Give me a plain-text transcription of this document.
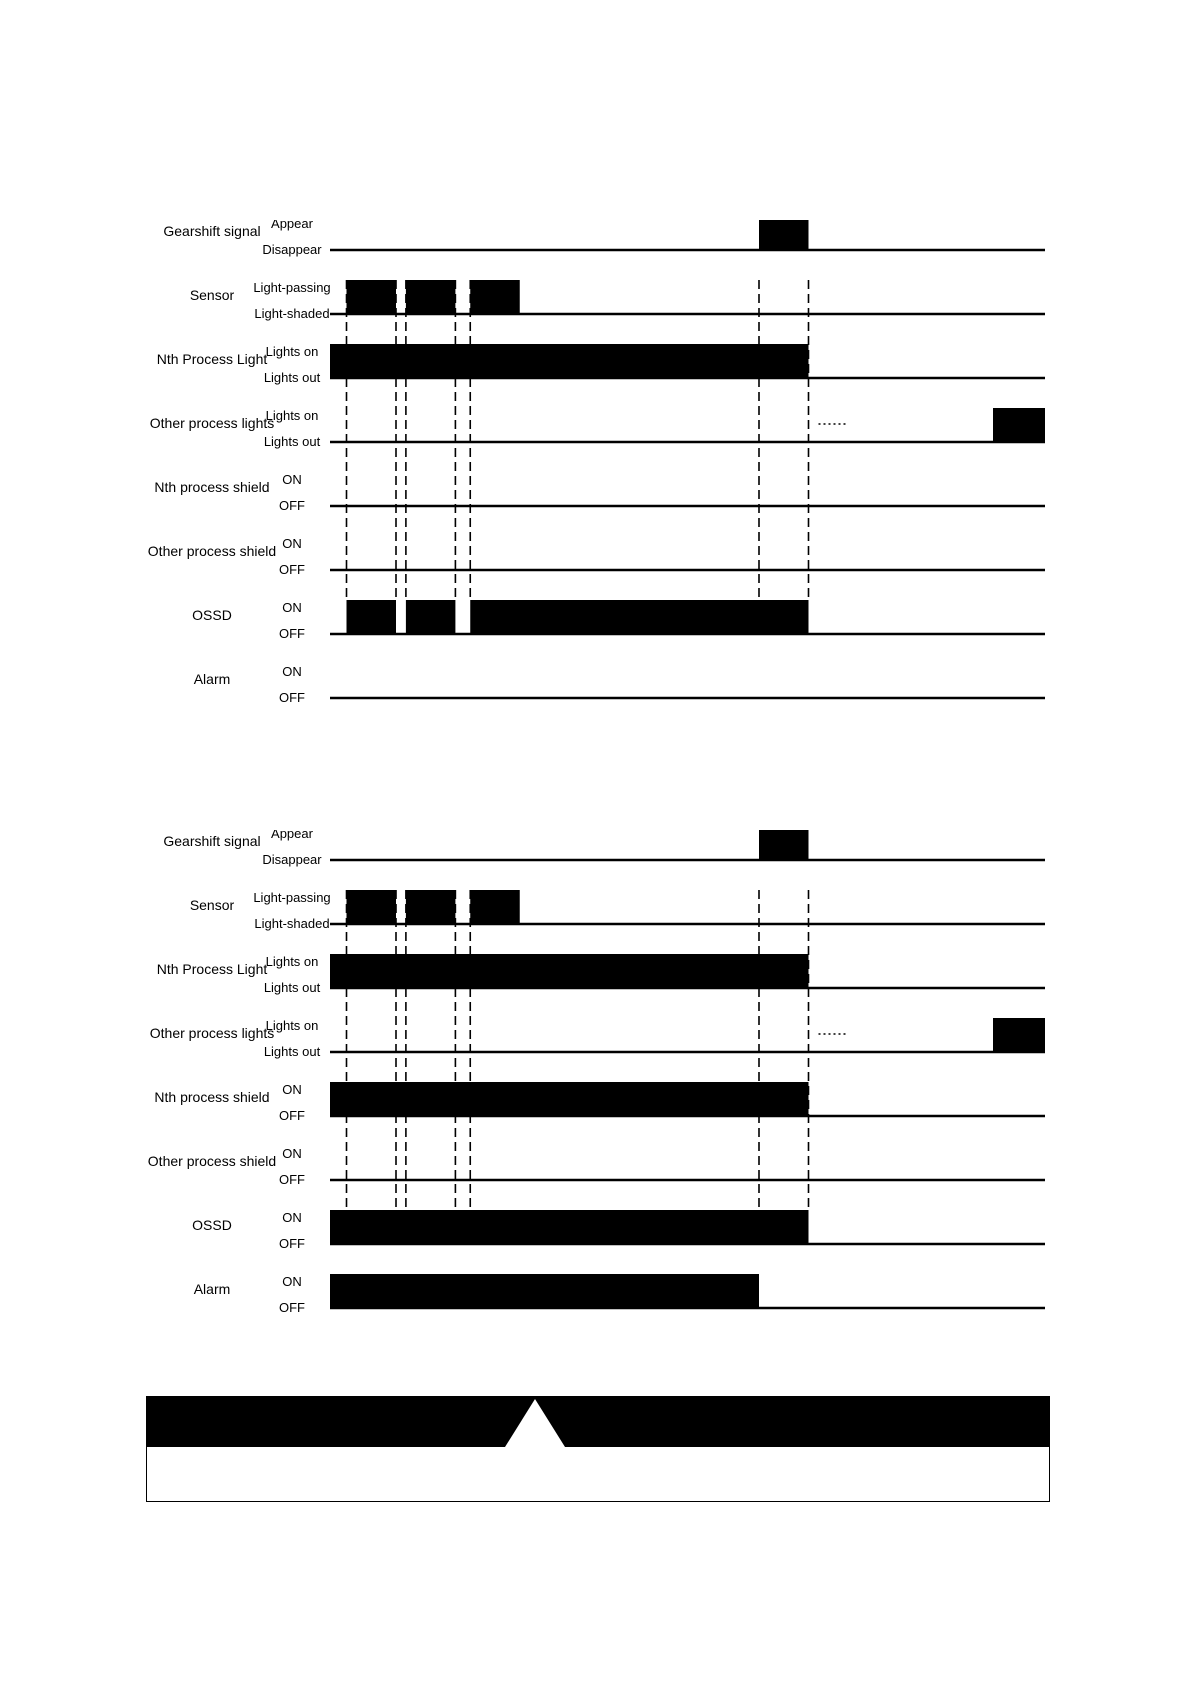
Gearshift signal Appear
Disappear
Sensor Light-passing
Light-shaded
Nth Process Light
Lights on
Lights out
Other process lights
Lights on
Lights out
Nth process shield ON
OFF
Other process shield ON
OFF
OSSD	ON
OFF
Alarm	ON
OFF
Gearshift signal Appear
Disappear
Sensor Light-passing
Light-shaded
Nth Process Light
Lights on
Lights out
Other process lights
Lights on
Lights out
Nth process shield ON
OFF
Other process shield ON
OFF
OSSD	ON
OFF
Alarm	ON
OFF
